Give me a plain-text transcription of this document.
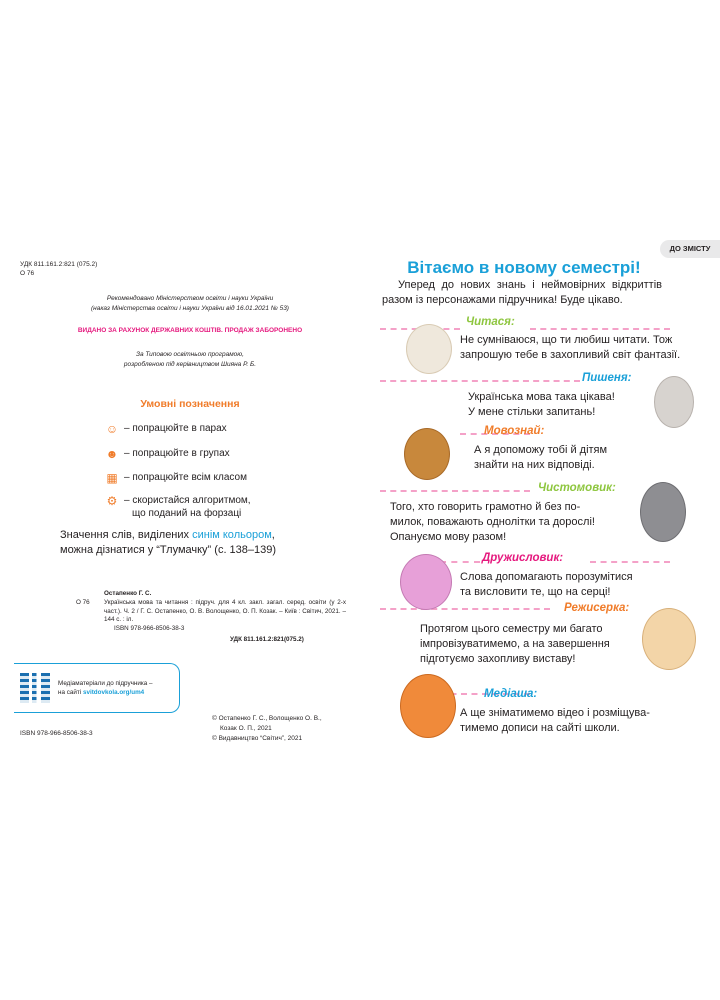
УДК 811.161.2:821 (075.2)
О 76
Рекомендовано Міністерством освіти і науки України
(наказ Міністерства освіти і науки України від 16.01.2021 № 53)
ВИДАНО ЗА РАХУНОК ДЕРЖАВНИХ КОШТІВ. ПРОДАЖ ЗАБОРОНЕНО
За Типовою освітньою програмою,
розробленою під керівництвом Шияна Р. Б.
Умовні позначення
☺ – попрацюйте в парах
☻ – попрацюйте в групах
▦ – попрацюйте всім класом
⚙ – скористайся алгоритмом,
що поданий на форзаці
Значення слів, виділених синім кольором,
можна дізнатися у “Тлумачку” (с. 138–139)
Остапенко Г. С.
О 76 Українська мова та читання : підруч. для 4 кл. закл. загал. серед. освіти (у 2-х част.). Ч. 2 / Г. С. Остапенко, О. В. Волощенко, О. П. Козак. – Київ : Світич, 2021. – 144 с. : іл.
ISBN 978-966-8506-38-3
УДК 811.161.2:821(075.2)
Медіаматеріали до підручника –
на сайті svitdovkola.org/um4
ISBN 978-966-8506-38-3
© Остапенко Г. С., Волощенко О. В.,
Козак О. П., 2021
© Видавництво “Світич”, 2021
ДО ЗМІСТУ
Вітаємо в новому семестрі!
Уперед до нових знань і неймовірних відкриттів разом із персонажами підручника! Буде цікаво.
Читася:
Не сумніваюся, що ти любиш читати. Тож
запрошую тебе в захопливий світ фантазії.
Пишеня:
Українська мова така цікава!
У мене стільки запитань!
Мовознай:
А я допоможу тобі й дітям
знайти на них відповіді.
Чистомовик:
Того, хто говорить грамотно й без по-
милок, поважають однолітки та дорослі!
Опануємо мову разом!
Дружисловик:
Слова допомагають порозумітися
та висловити те, що на серці!
Режисерка:
Протягом цього семестру ми багато
імпровізуватимемо, а на завершення
підготуємо захопливу виставу!
Медіаша:
А ще зніматимемо відео і розміщува-
тимемо дописи на сайті школи.
